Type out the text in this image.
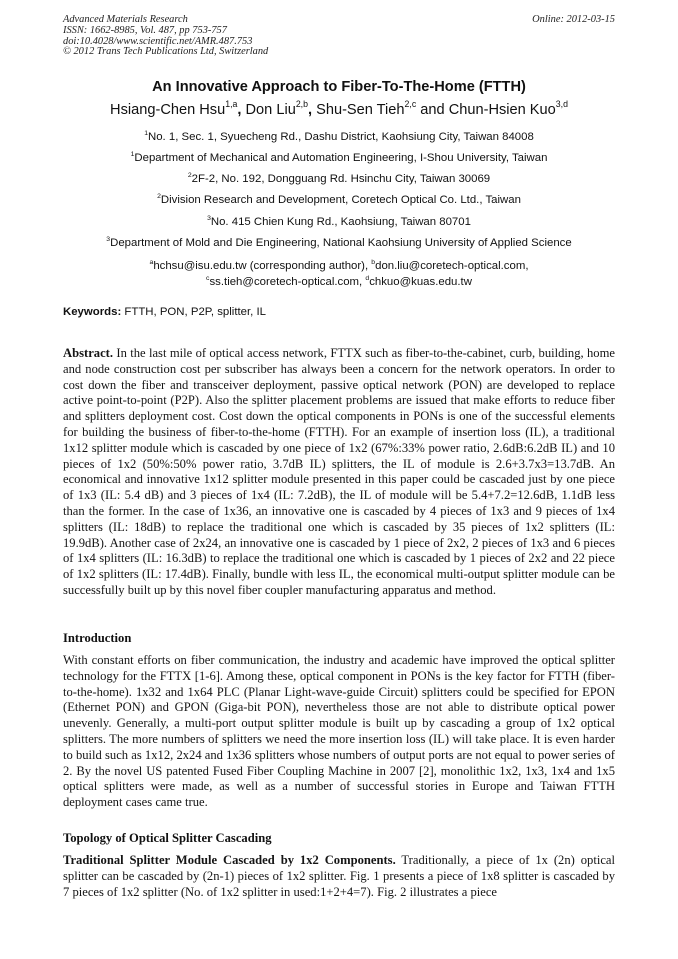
Advanced Materials Research
ISSN: 1662-8985, Vol. 487, pp 753-757
doi:10.4028/www.scientific.net/AMR.487.753
© 2012 Trans Tech Publications Ltd, Switzerland
Online: 2012-03-15
An Innovative Approach to Fiber-To-The-Home (FTTH)
Hsiang-Chen Hsu$^{1,a}$, Don Liu$^{2,b}$, Shu-Sen Tieh$^{2,c}$ and Chun-Hsien Kuo$^{3,d}$
$^1$No. 1, Sec. 1, Syuecheng Rd., Dashu District, Kaohsiung City, Taiwan 84008
$^1$Department of Mechanical and Automation Engineering, I-Shou University, Taiwan
$^2$2F-2, No. 192, Dongguang Rd. Hsinchu City, Taiwan 30069
$^2$Division Research and Development, Coretech Optical Co. Ltd., Taiwan
$^3$No. 415 Chien Kung Rd., Kaohsiung, Taiwan 80701
$^3$Department of Mold and Die Engineering, National Kaohsiung University of Applied Science
$^a$hchsu@isu.edu.tw (corresponding author), $^b$don.liu@coretech-optical.com,
$^c$ss.tieh@coretech-optical.com, $^d$chkuo@kuas.edu.tw
Keywords: FTTH, PON, P2P, splitter, IL
Abstract. In the last mile of optical access network, FTTX such as fiber-to-the-cabinet, curb, building, home and node construction cost per subscriber has always been a concern for the network operators. In order to cost down the fiber and transceiver deployment, passive optical network (PON) are developed to replace active point-to-point (P2P). Also the splitter placement problems are issued that make efforts to reduce fiber and splitters deployment cost. Cost down the optical components in PONs is one of the successful elements for building the business of fiber-to-the-home (FTTH). For an example of insertion loss (IL), a traditional 1x12 splitter module which is cascaded by one piece of 1x2 (67%:33% power ratio, 2.6dB:6.2dB IL) and 10 pieces of 1x2 (50%:50% power ratio, 3.7dB IL) splitters, the IL of module is 2.6+3.7x3=13.7dB. An economical and innovative 1x12 splitter module presented in this paper could be cascaded just by one piece of 1x3 (IL: 5.4 dB) and 3 pieces of 1x4 (IL: 7.2dB), the IL of module will be 5.4+7.2=12.6dB, 1.1dB less than the former. In the case of 1x36, an innovative one is cascaded by 4 pieces of 1x3 and 9 pieces of 1x4 splitters (IL: 18dB) to replace the traditional one which is cascaded by 35 pieces of 1x2 splitters (IL: 19.9dB). Another case of 2x24, an innovative one is cascaded by 1 piece of 2x2, 2 pieces of 1x3 and 6 pieces of 1x4 splitters (IL: 16.3dB) to replace the traditional one which is cascaded by 1 pieces of 2x2 and 22 piece of 1x2 splitters (IL: 17.4dB). Finally, bundle with less IL, the economical multi-output splitter module can be successfully built up by this novel fiber coupler manufacturing apparatus and method.
Introduction
With constant efforts on fiber communication, the industry and academic have improved the optical splitter technology for the FTTX [1-6]. Among these, optical component in PONs is the key factor for FTTH (fiber-to-the-home). 1x32 and 1x64 PLC (Planar Light-wave-guide Circuit) splitters could be specified for EPON (Ethernet PON) and GPON (Giga-bit PON), nevertheless those are not able to distribute optical power unevenly. Generally, a multi-port output splitter module is built up by cascading a group of 1x2 optical splitters. The more numbers of splitters we need the more insertion loss (IL) will take place. It is even harder to build such as 1x12, 2x24 and 1x36 splitters whose numbers of output ports are not equal to power series of 2. By the novel US patented Fused Fiber Coupling Machine in 2007 [2], monolithic 1x2, 1x3, 1x4 and 1x5 optical splitters were made, as well as a number of successful stories in Europe and Taiwan FTTH deployment cases came true.
Topology of Optical Splitter Cascading
Traditional Splitter Module Cascaded by 1x2 Components. Traditionally, a piece of 1x (2n) optical splitter can be cascaded by (2n-1) pieces of 1x2 splitter. Fig. 1 presents a piece of 1x8 splitter is cascaded by 7 pieces of 1x2 splitter (No. of 1x2 splitter in used:1+2+4=7). Fig. 2 illustrates a piece
